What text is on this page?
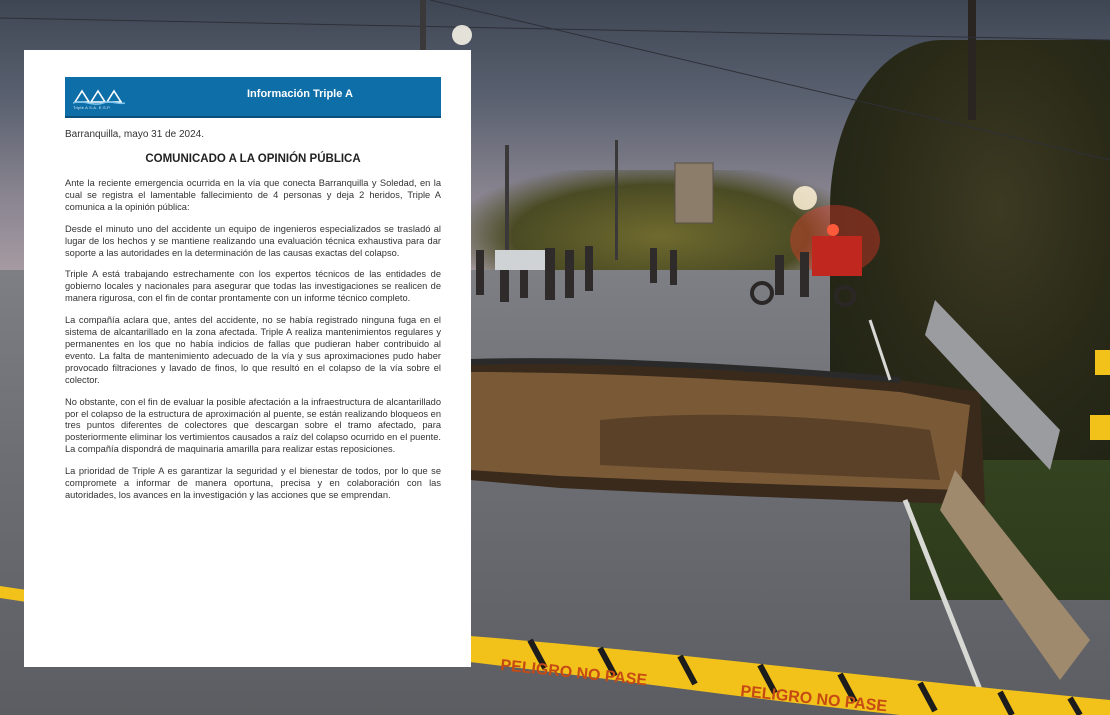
PELIGRO NO PASE
PELIGRO NO PASE
Triple A S.A. E.S.P.
Información Triple A
Barranquilla, mayo 31 de 2024.
COMUNICADO A LA OPINIÓN PÚBLICA

Ante la reciente emergencia ocurrida en la vía que conecta Barranquilla y Soledad, en la cual se registra el lamentable fallecimiento de 4 personas y deja 2 heridos, Triple A comunica a la opinión pública:

Desde el minuto uno del accidente un equipo de ingenieros especializados se trasladó al lugar de los hechos y se mantiene realizando una evaluación técnica exhaustiva para dar soporte a las autoridades en la determinación de las causas exactas del colapso.

Triple A está trabajando estrechamente con los expertos técnicos de las entidades de gobierno locales y nacionales para asegurar que todas las investigaciones se realicen de manera rigurosa, con el fin de contar prontamente con un informe técnico completo.

La compañía aclara que, antes del accidente, no se había registrado ninguna fuga en el sistema de alcantarillado en la zona afectada. Triple A realiza mantenimientos regulares y permanentes en los que no había indicios de fallas que pudieran haber contribuido al evento. La falta de mantenimiento adecuado de la vía y sus aproximaciones pudo haber provocado filtraciones y lavado de finos, lo que resultó en el colapso de la vía sobre el colector.

No obstante, con el fin de evaluar la posible afectación a la infraestructura de alcantarillado por el colapso de la estructura de aproximación al puente, se están realizando bloqueos en tres puntos diferentes de colectores que descargan sobre el tramo afectado, para posteriormente eliminar los vertimientos causados a raíz del colapso ocurrido en el puente. La compañía dispondrá de maquinaria amarilla para realizar estas reposiciones.

La prioridad de Triple A es garantizar la seguridad y el bienestar de todos, por lo que se compromete a informar de manera oportuna, precisa y en colaboración con las autoridades, los avances en la investigación y las acciones que se emprendan.
